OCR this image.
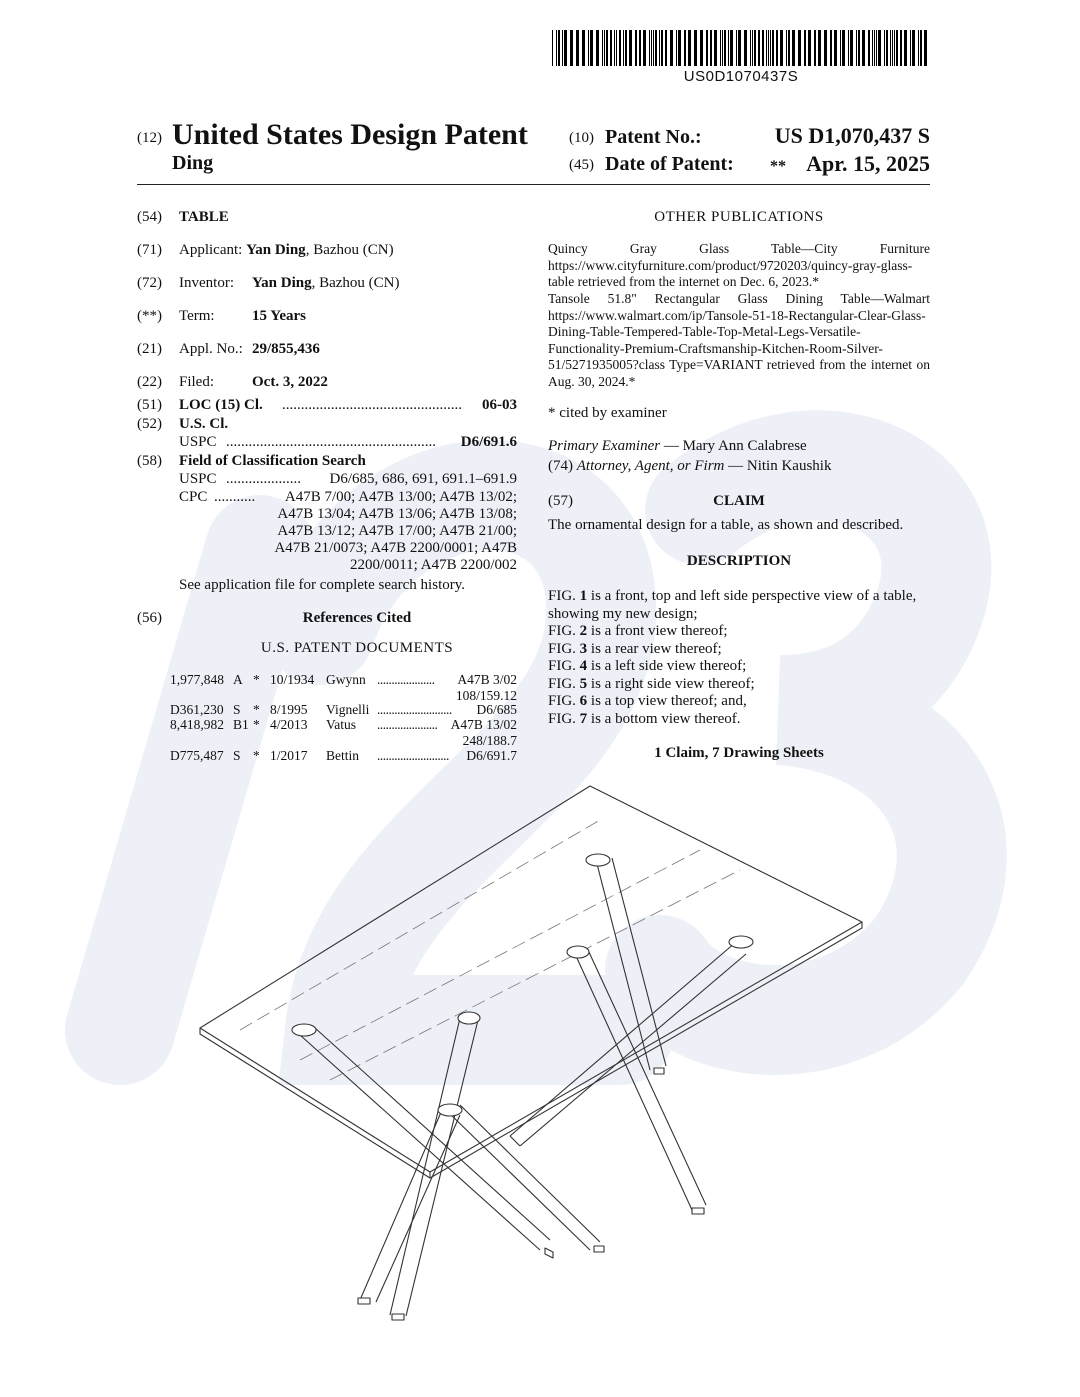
US0D1070437S
(12) United States Design Patent
Ding
(10) Patent No.:	US D1,070,437 S
(45) Date of Patent: ** Apr. 15, 2025
(54) TABLE
(71) Applicant: Yan Ding, Bazhou (CN)
(72) Inventor: Yan Ding, Bazhou (CN)
(**) Term: 15 Years
(21) Appl. No.: 29/855,436
(22) Filed:	Oct. 3, 2022
(51) LOC (15) Cl. ................................................ 06-03
(52) U.S. Cl.
USPC ........................................................ D6/691.6
(58) Field of Classification Search
USPC .................... D6/685, 686, 691, 691.1–691.9
CPC ...........	A47B 7/00; A47B 13/00; A47B 13/02;
A47B 13/04; A47B 13/06; A47B 13/08;
A47B 13/12; A47B 17/00; A47B 21/00;
A47B 21/0073; A47B 2200/0001; A47B
2200/0011; A47B 2200/002
See application file for complete search history.
(56)	References Cited
U.S. PATENT DOCUMENTS
1,977,848 A * 10/1934 Gwynn .................... A47B 3/02
108/159.12
D361,230 S * 8/1995 Vignelli .......................... D6/685
8,418,982 B1 * 4/2013 Vatus ..................... A47B 13/02
248/188.7
D775,487 S * 1/2017 Bettin ......................... D6/691.7
OTHER PUBLICATIONS
Quincy Gray Glass Table—City Furniture https://www.cityfurniture.com/product/9720203/quincy-gray-glass-table retrieved from the internet on Dec. 6, 2023.*
Tansole 51.8" Rectangular Glass Dining Table—Walmart https://www.walmart.com/ip/Tansole-51-18-Rectangular-Clear-Glass-Dining-Table-Tempered-Table-Top-Metal-Legs-Versatile-Functionality-Premium-Craftsmanship-Kitchen-Room-Silver-51/5271935005?class Type=VARIANT retrieved from the internet on Aug. 30, 2024.*
* cited by examiner
Primary Examiner — Mary Ann Calabrese
(74) Attorney, Agent, or Firm — Nitin Kaushik
(57)	CLAIM
The ornamental design for a table, as shown and described.
DESCRIPTION
FIG. 1 is a front, top and left side perspective view of a table, showing my new design;
FIG. 2 is a front view thereof;
FIG. 3 is a rear view thereof;
FIG. 4 is a left side view thereof;
FIG. 5 is a right side view thereof;
FIG. 6 is a top view thereof; and,
FIG. 7 is a bottom view thereof.
1 Claim, 7 Drawing Sheets
